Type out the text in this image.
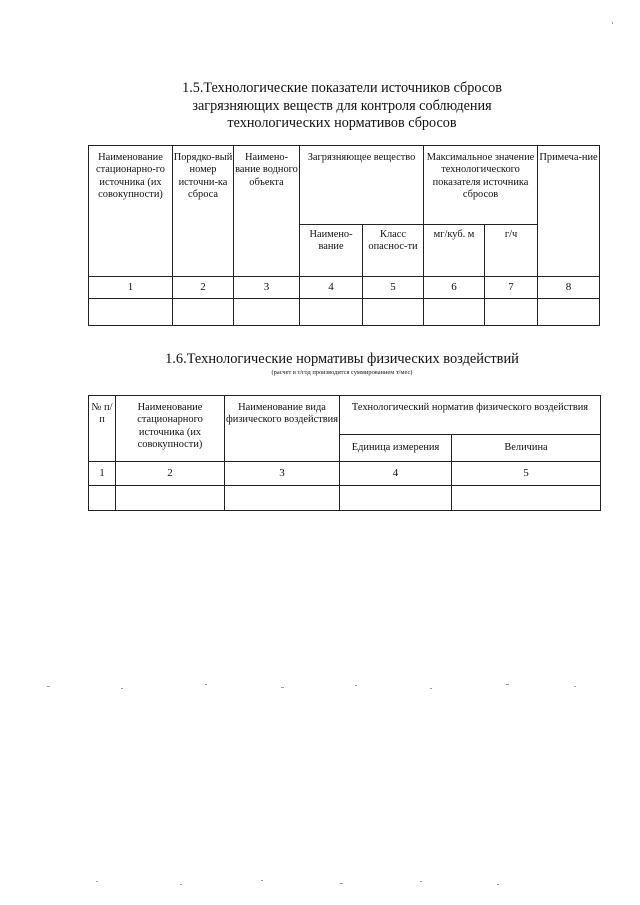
1.5.Технологические показатели источников сбросов
загрязняющих веществ для контроля соблюдения
технологических нормативов сбросов
Наименование стационарно-го источника (их совокупности)	Порядко-вый номер источни-ка сброса	Наимено-вание водного объекта	Загрязняющее вещество		Максимальное значение технологического показателя источника сбросов		Примеча-ние
			Наимено-вание	Класс опаснос-ти	мг/куб. м	г/ч	
1	2	3	4	5	6	7	8

1.6.Технологические нормативы физических воздействий
(расчет в т/год производится суммированием т/мес)
№ п/п	Наименование стационарного источника (их совокупности)	Наименование вида физического воздействия	Технологический норматив физического воздействия	
			Единица измерения	Величина
1	2	3	4	5
